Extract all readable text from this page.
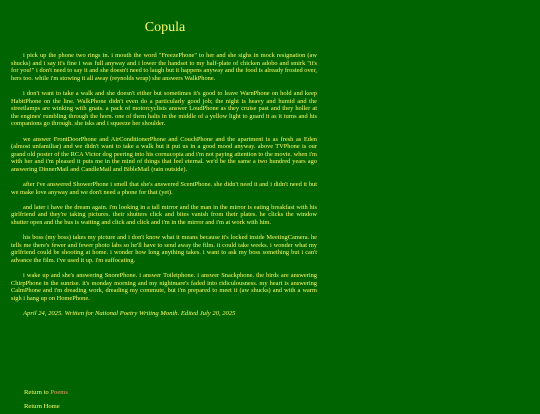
Copula

i pick up the phone two rings in. i mouth the word "FreezePhone" to her and she sighs in mock resignation (aw shucks) and i say it's fine i was full anyway and i lower the handset to my half-plate of chicken adobo and smirk "it's for you!" i don't need to say it and she doesn't need to laugh but it happens anyway and the food is already frosted over, hers too. while i'm stowing it all away (reynolds wrap) she answers WalkPhone.

i don't want to take a walk and she doesn't either but sometimes it's good to leave WarnPhone on hold and keep HabitPhone on the line. WalkPhone didn't even do a particularly good job; the night is heavy and humid and the streetlamps are winking with gnats. a pack of motorcyclists answer LoudPhone as they cruise past and they holler at the engines' rumbling through the horn. one of them halts in the middle of a yellow light to guard it as it turns and his companions go through. she tsks and i squeeze her shoulder.

we answer FrontDoorPhone and AirConditionerPhone and CouchPhone and the apartment is as fresh as Eden (almost unfamiliar) and we didn't want to take a walk but it put us in a good mood anyway. above TVPhone is our grand old poster of the RCA Victor dog peering into his cornucopia and i'm not paying attention to the movie. when i'm with her and i'm pleased it puts me in the mind of things that feel eternal. we'd be the same a two hundred years ago answering DinnerMail and CandleMail and BibleMail (rain outside).

after i've answered ShowerPhone i smell that she's answered ScentPhone. she didn't need it and i didn't need it but we make love anyway and we don't need a phone for that (yet).

and later i have the dream again. i'm looking in a tall mirror and the man in the mirror is eating breakfast with his girlfriend and they're taking pictures. their shutters click and bites vanish from their plates. he clicks the window shutter open and the bus is waiting and click and click and i'm in the mirror and i'm at work with him.

his boss (my boss) takes my picture and i don't know what it means because it's locked inside MeetingCamera. he tells me there's fewer and fewer photo labs so he'll have to send away the film. it could take weeks. i wonder what my girlfriend could be shooting at home. i wonder how long anything takes. i want to ask my boss something but i can't advance the film. i've used it up. i'm suffocating.

i wake up and she's answering SnorePhone. i answer Toiletphone. i answer Snackphone. the birds are answering ChirpPhone in the sunrise. it's monday morning and my nightmare's faded into ridiculousness. my heart is answering CalmPhone and i'm dreading work, dreading my commute, but i'm prepared to meet it (aw shucks) and with a warm sigh i hang up on HomePhone.

April 24, 2025. Written for National Poetry Writing Month. Edited July 20, 2025

Return to Poems
Return Home
